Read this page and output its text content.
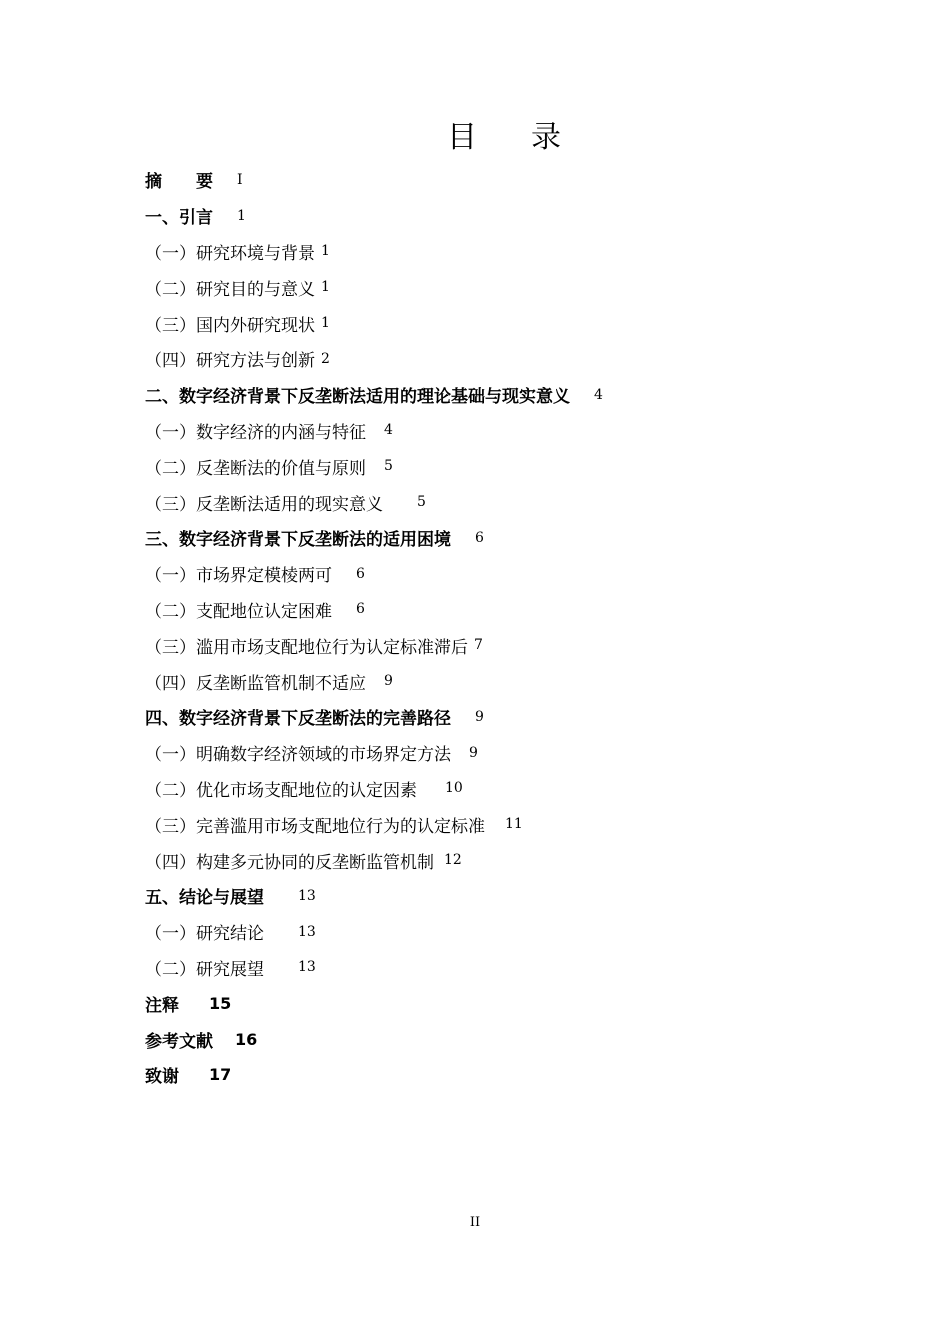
目 录
摘　　要 I
一、引言 1
（一）研究环境与背景 1
（二）研究目的与意义 1
（三）国内外研究现状 1
（四）研究方法与创新 2
二、数字经济背景下反垄断法适用的理论基础与现实意义 4
（一）数字经济的内涵与特征 4
（二）反垄断法的价值与原则 5
（三）反垄断法适用的现实意义 5
三、数字经济背景下反垄断法的适用困境 6
（一）市场界定模棱两可 6
（二）支配地位认定困难 6
（三）滥用市场支配地位行为认定标准滞后 7
（四）反垄断监管机制不适应 9
四、数字经济背景下反垄断法的完善路径 9
（一）明确数字经济领域的市场界定方法 9
（二）优化市场支配地位的认定因素 10
（三）完善滥用市场支配地位行为的认定标准 11
（四）构建多元协同的反垄断监管机制 12
五、结论与展望 13
（一）研究结论 13
（二）研究展望 13
注释 15
参考文献 16
致谢 17
II
